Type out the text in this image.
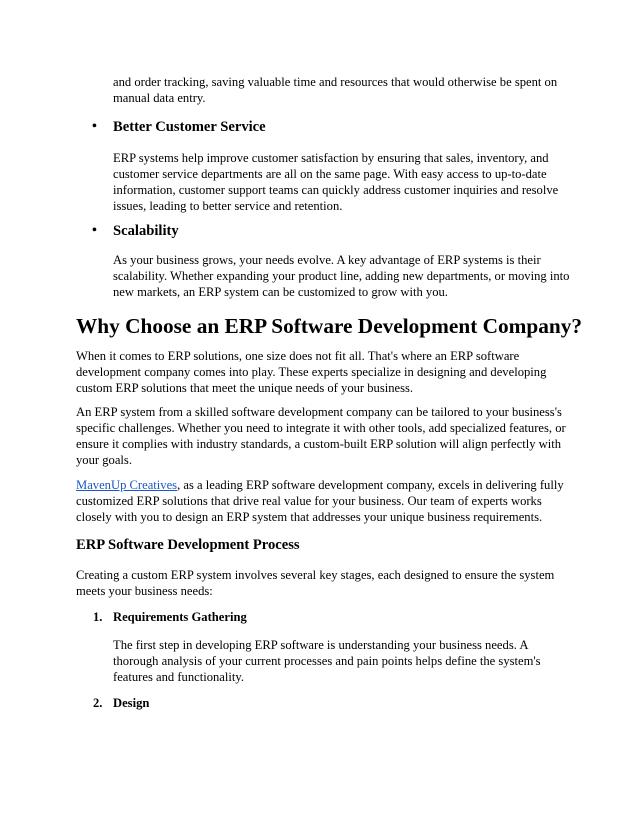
and order tracking, saving valuable time and resources that would otherwise be spent on manual data entry.

• Better Customer Service

ERP systems help improve customer satisfaction by ensuring that sales, inventory, and customer service departments are all on the same page. With easy access to up-to-date information, customer support teams can quickly address customer inquiries and resolve issues, leading to better service and retention.

• Scalability

As your business grows, your needs evolve. A key advantage of ERP systems is their scalability. Whether expanding your product line, adding new departments, or moving into new markets, an ERP system can be customized to grow with you.

Why Choose an ERP Software Development Company?

When it comes to ERP solutions, one size does not fit all. That's where an ERP software development company comes into play. These experts specialize in designing and developing custom ERP solutions that meet the unique needs of your business.

An ERP system from a skilled software development company can be tailored to your business's specific challenges. Whether you need to integrate it with other tools, add specialized features, or ensure it complies with industry standards, a custom-built ERP solution will align perfectly with your goals.

MavenUp Creatives, as a leading ERP software development company, excels in delivering fully customized ERP solutions that drive real value for your business. Our team of experts works closely with you to design an ERP system that addresses your unique business requirements.

ERP Software Development Process

Creating a custom ERP system involves several key stages, each designed to ensure the system meets your business needs:

1. Requirements Gathering

The first step in developing ERP software is understanding your business needs. A thorough analysis of your current processes and pain points helps define the system's features and functionality.

2. Design
